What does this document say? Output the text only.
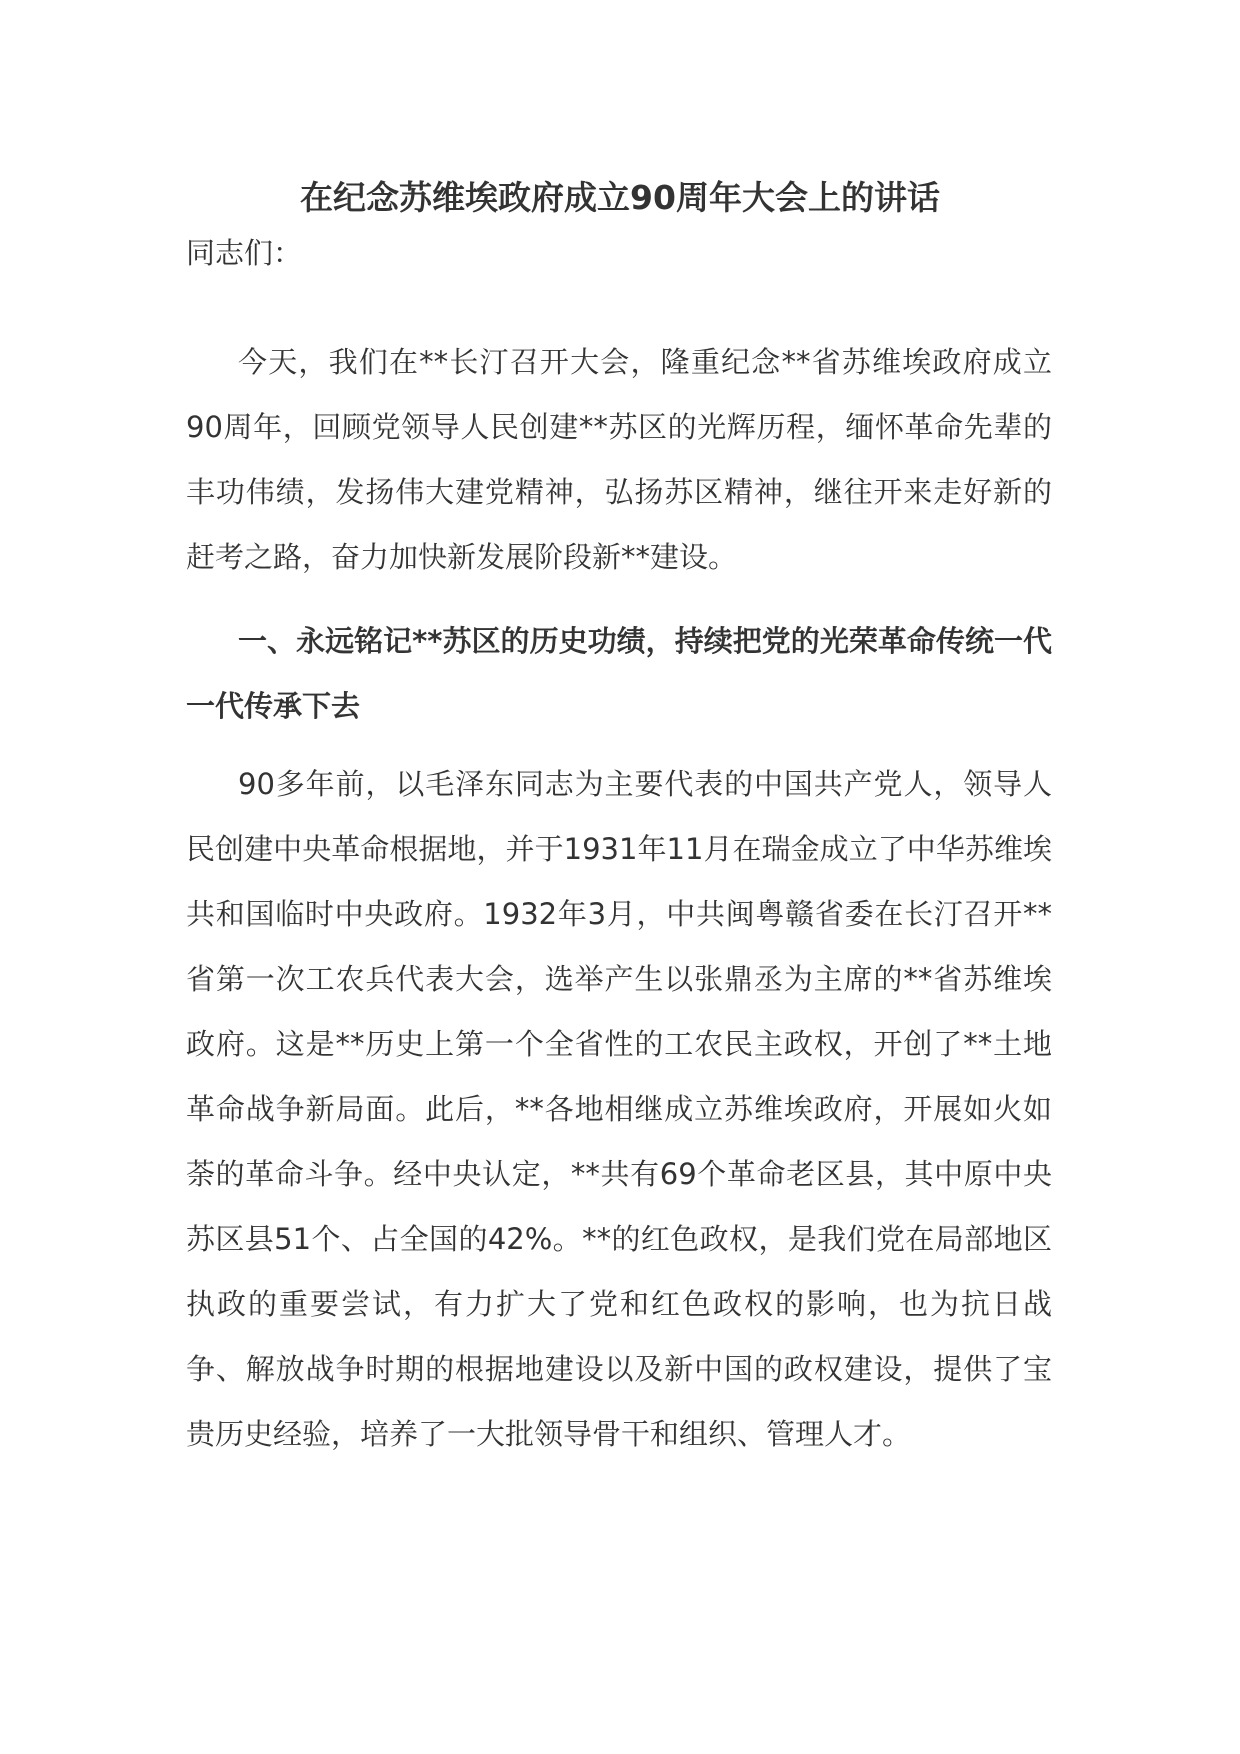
在纪念苏维埃政府成立90周年大会上的讲话
同志们：
今天，我们在**长汀召开大会，隆重纪念**省苏维埃政府成立90周年，回顾党领导人民创建**苏区的光辉历程，缅怀革命先辈的丰功伟绩，发扬伟大建党精神，弘扬苏区精神，继往开来走好新的赶考之路，奋力加快新发展阶段新**建设。
一、永远铭记**苏区的历史功绩，持续把党的光荣革命传统一代一代传承下去
90多年前，以毛泽东同志为主要代表的中国共产党人，领导人民创建中央革命根据地，并于1931年11月在瑞金成立了中华苏维埃共和国临时中央政府。1932年3月，中共闽粤赣省委在长汀召开**省第一次工农兵代表大会，选举产生以张鼎丞为主席的**省苏维埃政府。这是**历史上第一个全省性的工农民主政权，开创了**土地革命战争新局面。此后，**各地相继成立苏维埃政府，开展如火如荼的革命斗争。经中央认定，**共有69个革命老区县，其中原中央苏区县51个、占全国的42%。**的红色政权，是我们党在局部地区执政的重要尝试，有力扩大了党和红色政权的影响，也为抗日战争、解放战争时期的根据地建设以及新中国的政权建设，提供了宝贵历史经验，培养了一大批领导骨干和组织、管理人才。
